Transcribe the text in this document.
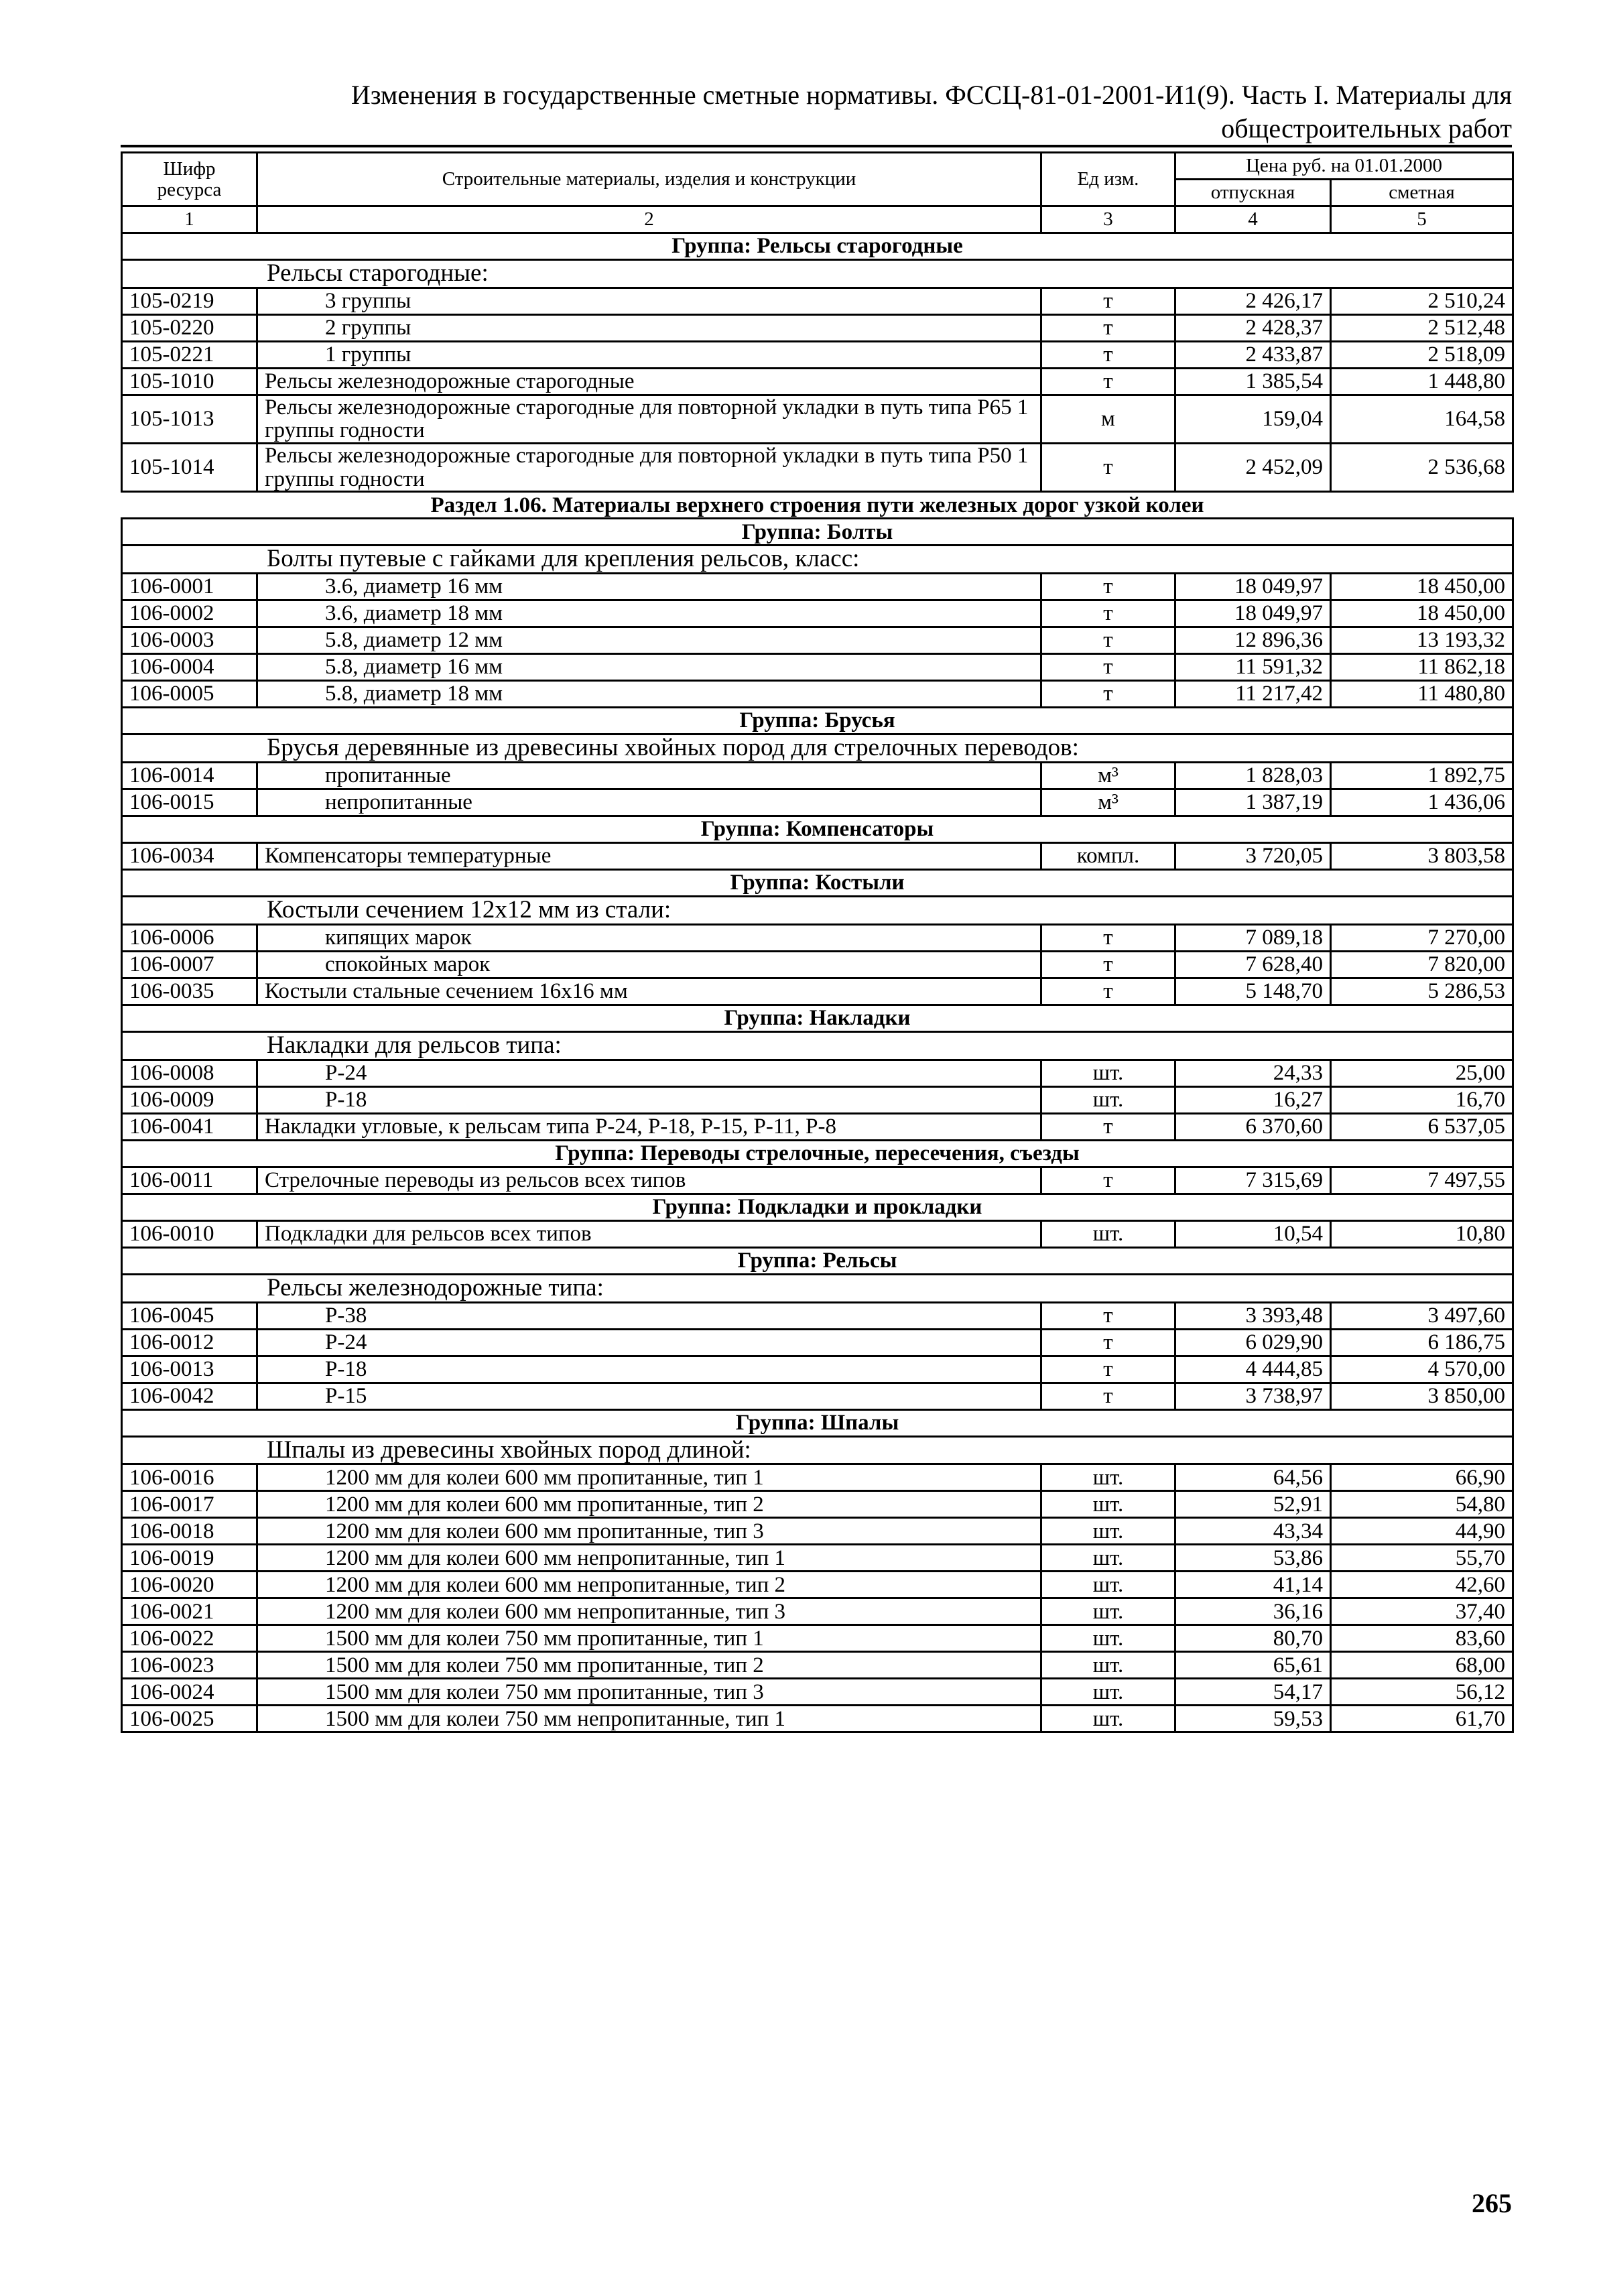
Изменения в государственные сметные нормативы. ФССЦ-81-01-2001-И1(9). Часть I. Материалы для
общестроительных работ
Шифр ресурса	Строительные материалы, изделия и конструкции	Ед изм.	Цена руб. на 01.01.2000	
			отпускная	сметная
1	2	3	4	5
Группа: Рельсы старогодные				
Рельсы старогодные:				
105-0219	3 группы	т	2 426,17	2 510,24
105-0220	2 группы	т	2 428,37	2 512,48
105-0221	1 группы	т	2 433,87	2 518,09
105-1010	Рельсы железнодорожные старогодные	т	1 385,54	1 448,80
105-1013	Рельсы железнодорожные старогодные для повторной укладки в путь типа Р65 1 группы годности	м	159,04	164,58
105-1014	Рельсы железнодорожные старогодные для повторной укладки в путь типа Р50 1 группы годности	т	2 452,09	2 536,68
Раздел 1.06. Материалы верхнего строения пути железных дорог узкой колеи				
Группа: Болты				
Болты путевые с гайками для крепления рельсов, класс:				
106-0001	3.6, диаметр 16 мм	т	18 049,97	18 450,00
106-0002	3.6, диаметр 18 мм	т	18 049,97	18 450,00
106-0003	5.8, диаметр 12 мм	т	12 896,36	13 193,32
106-0004	5.8, диаметр 16 мм	т	11 591,32	11 862,18
106-0005	5.8, диаметр 18 мм	т	11 217,42	11 480,80
Группа: Брусья				
Брусья деревянные из древесины хвойных пород для стрелочных переводов:				
106-0014	пропитанные	м³	1 828,03	1 892,75
106-0015	непропитанные	м³	1 387,19	1 436,06
Группа: Компенсаторы				
106-0034	Компенсаторы температурные	компл.	3 720,05	3 803,58
Группа: Костыли				
Костыли сечением 12х12 мм из стали:				
106-0006	кипящих марок	т	7 089,18	7 270,00
106-0007	спокойных марок	т	7 628,40	7 820,00
106-0035	Костыли стальные сечением 16х16 мм	т	5 148,70	5 286,53
Группа: Накладки				
Накладки для рельсов типа:				
106-0008	Р-24	шт.	24,33	25,00
106-0009	Р-18	шт.	16,27	16,70
106-0041	Накладки угловые, к рельсам типа Р-24, Р-18, Р-15, Р-11, Р-8	т	6 370,60	6 537,05
Группа: Переводы стрелочные, пересечения, съезды				
106-0011	Стрелочные переводы из рельсов всех типов	т	7 315,69	7 497,55
Группа: Подкладки и прокладки				
106-0010	Подкладки для рельсов всех типов	шт.	10,54	10,80
Группа: Рельсы				
Рельсы железнодорожные типа:				
106-0045	Р-38	т	3 393,48	3 497,60
106-0012	Р-24	т	6 029,90	6 186,75
106-0013	Р-18	т	4 444,85	4 570,00
106-0042	Р-15	т	3 738,97	3 850,00
Группа: Шпалы				
Шпалы из древесины хвойных пород длиной:				
106-0016	1200 мм для колеи 600 мм пропитанные, тип 1	шт.	64,56	66,90
106-0017	1200 мм для колеи 600 мм пропитанные, тип 2	шт.	52,91	54,80
106-0018	1200 мм для колеи 600 мм пропитанные, тип 3	шт.	43,34	44,90
106-0019	1200 мм для колеи 600 мм непропитанные, тип 1	шт.	53,86	55,70
106-0020	1200 мм для колеи 600 мм непропитанные, тип 2	шт.	41,14	42,60
106-0021	1200 мм для колеи 600 мм непропитанные, тип 3	шт.	36,16	37,40
106-0022	1500 мм для колеи 750 мм пропитанные, тип 1	шт.	80,70	83,60
106-0023	1500 мм для колеи 750 мм пропитанные, тип 2	шт.	65,61	68,00
106-0024	1500 мм для колеи 750 мм пропитанные, тип 3	шт.	54,17	56,12
106-0025	1500 мм для колеи 750 мм непропитанные, тип 1	шт.	59,53	61,70
265
